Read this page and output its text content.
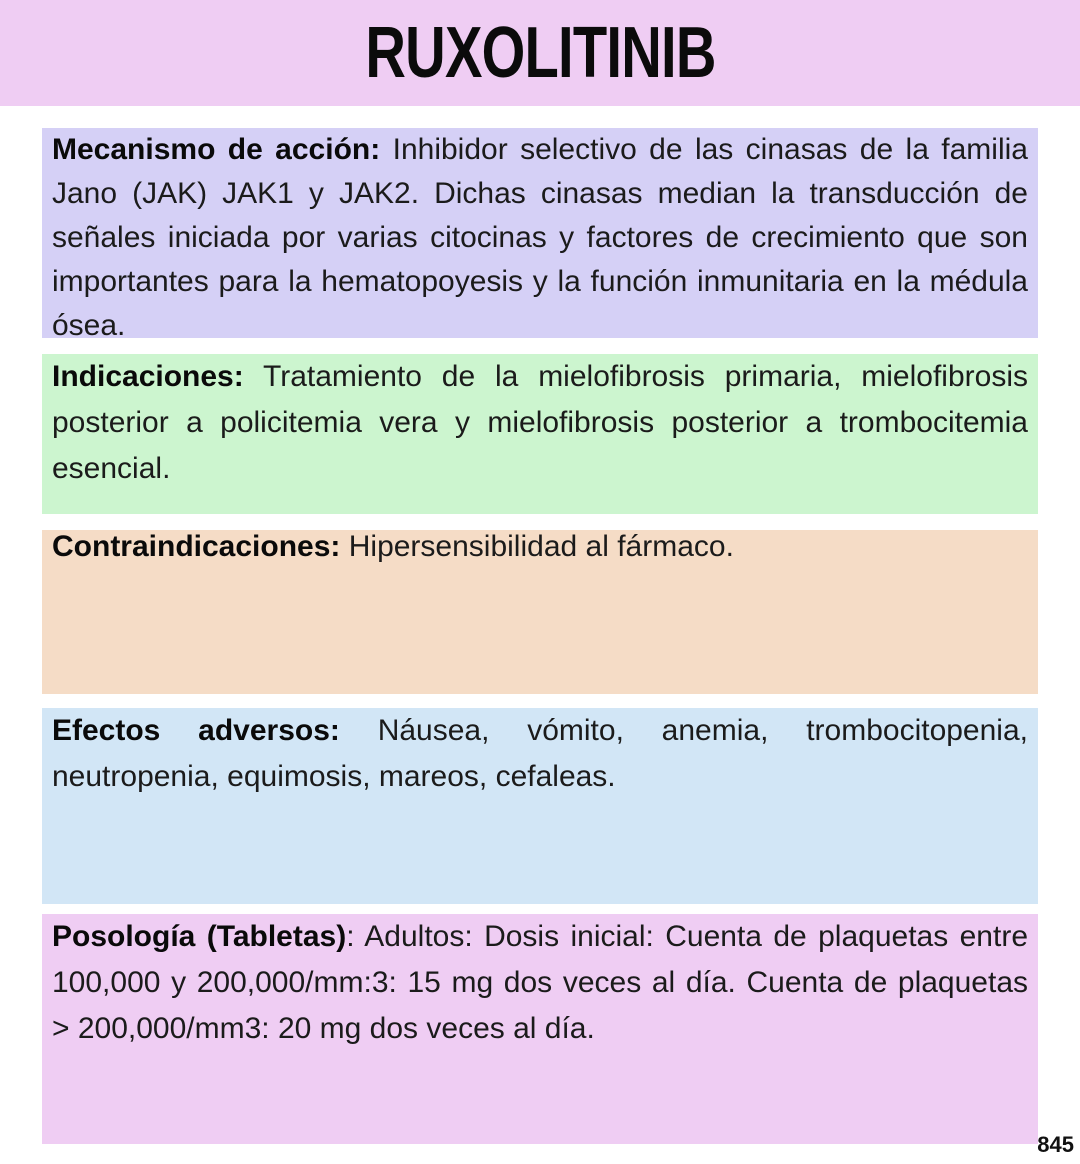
RUXOLITINIB
Mecanismo de acción: Inhibidor selectivo de las cinasas de la familia Jano (JAK) JAK1 y JAK2. Dichas cinasas median la transducción de señales iniciada por varias citocinas y factores de crecimiento que son importantes para la hematopoyesis y la función inmunitaria en la médula ósea.
Indicaciones: Tratamiento de la mielofibrosis primaria, mielofibrosis posterior a policitemia vera y mielofibrosis posterior a trombocitemia esencial.
Contraindicaciones: Hipersensibilidad al fármaco.
Efectos adversos: Náusea, vómito, anemia, trombocitopenia, neutropenia, equimosis, mareos, cefaleas.
Posología (Tabletas): Adultos: Dosis inicial: Cuenta de plaquetas entre 100,000 y 200,000/mm:3: 15 mg dos veces al día. Cuenta de plaquetas
> 200,000/mm3: 20 mg dos veces al día.
845
